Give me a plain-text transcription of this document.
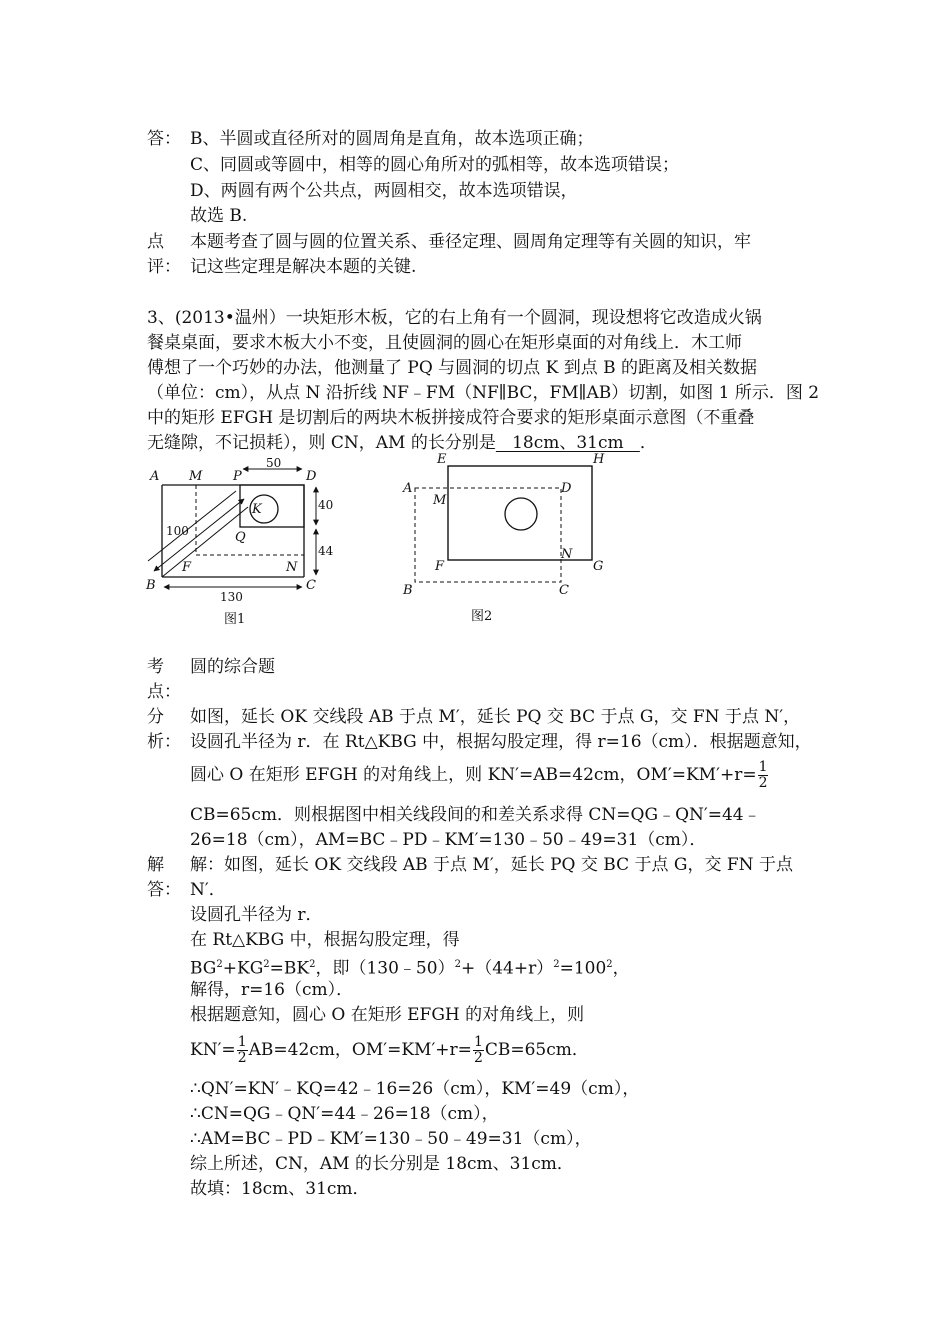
答： B、半圆或直径所对的圆周角是直角，故本选项正确；
C、同圆或等圆中，相等的圆心角所对的弧相等，故本选项错误；
D、两圆有两个公共点，两圆相交，故本选项错误，
故选 B.
点
评：
本题考查了圆与圆的位置关系、垂径定理、圆周角定理等有关圆的知识，牢
记这些定理是解决本题的关键.
3、(2013•温州）一块矩形木板，它的右上角有一个圆洞，现设想将它改造成火锅
餐桌桌面，要求木板大小不变，且使圆洞的圆心在矩形桌面的对角线上．木工师
傅想了一个巧妙的办法，他测量了 PQ 与圆洞的切点 K 到点 B 的距离及相关数据
（单位：cm），从点 N 沿折线 NF﹣FM（NF∥BC，FM∥AB）切割，如图 1 所示．图 2
中的矩形 EFGH 是切割后的两块木板拼接成符合要求的矩形桌面示意图（不重叠
无缝隙，不记损耗），则 CN，AM 的长分别是   18cm、31cm   ．
A M P	D
K
Q
B
F	N
C
50
40
44
100
130
图1
E	H
A
M
D
N
F	G
B	C
图2
考
点：
圆的综合题
分
析：
如图，延长 OK 交线段 AB 于点 M′，延长 PQ 交 BC 于点 G，交 FN 于点 N′，
设圆孔半径为 r．在 Rt△KBG 中，根据勾股定理，得 r=16（cm）．根据题意知，
圆心 O 在矩形 EFGH 的对角线上，则 KN′=AB=42cm，$OM'=KM'+r= \frac{1}{2}$
CB=65cm．则根据图中相关线段间的和差关系求得 CN=QG﹣QN′=44﹣
26=18（cm），AM=BC﹣PD﹣KM′=130﹣50﹣49=31（cm）．
解
答：
解：如图，延长 OK 交线段 AB 于点 M′，延长 PQ 交 BC 于点 G，交 FN 于点
N′．
设圆孔半径为 r．
在 Rt△KBG 中，根据勾股定理，得
$BG^2+KG^2=BK^2$，即$(130﹣50)^2+(44+r)^2=100^2$，
解得，r=16（cm）．
根据题意知，圆心 O 在矩形 EFGH 的对角线上，则
$KN'= \frac{1}{2} AB=42cm$，$OM'=KM'+r= \frac{1}{2} CB=65cm$．
∴QN′=KN′﹣KQ=42﹣16=26（cm），KM′=49（cm），
∴CN=QG﹣QN′=44﹣26=18（cm），
∴AM=BC﹣PD﹣KM′=130﹣50﹣49=31（cm），
综上所述，CN，AM 的长分别是 18cm、31cm．
故填：18cm、31cm．
